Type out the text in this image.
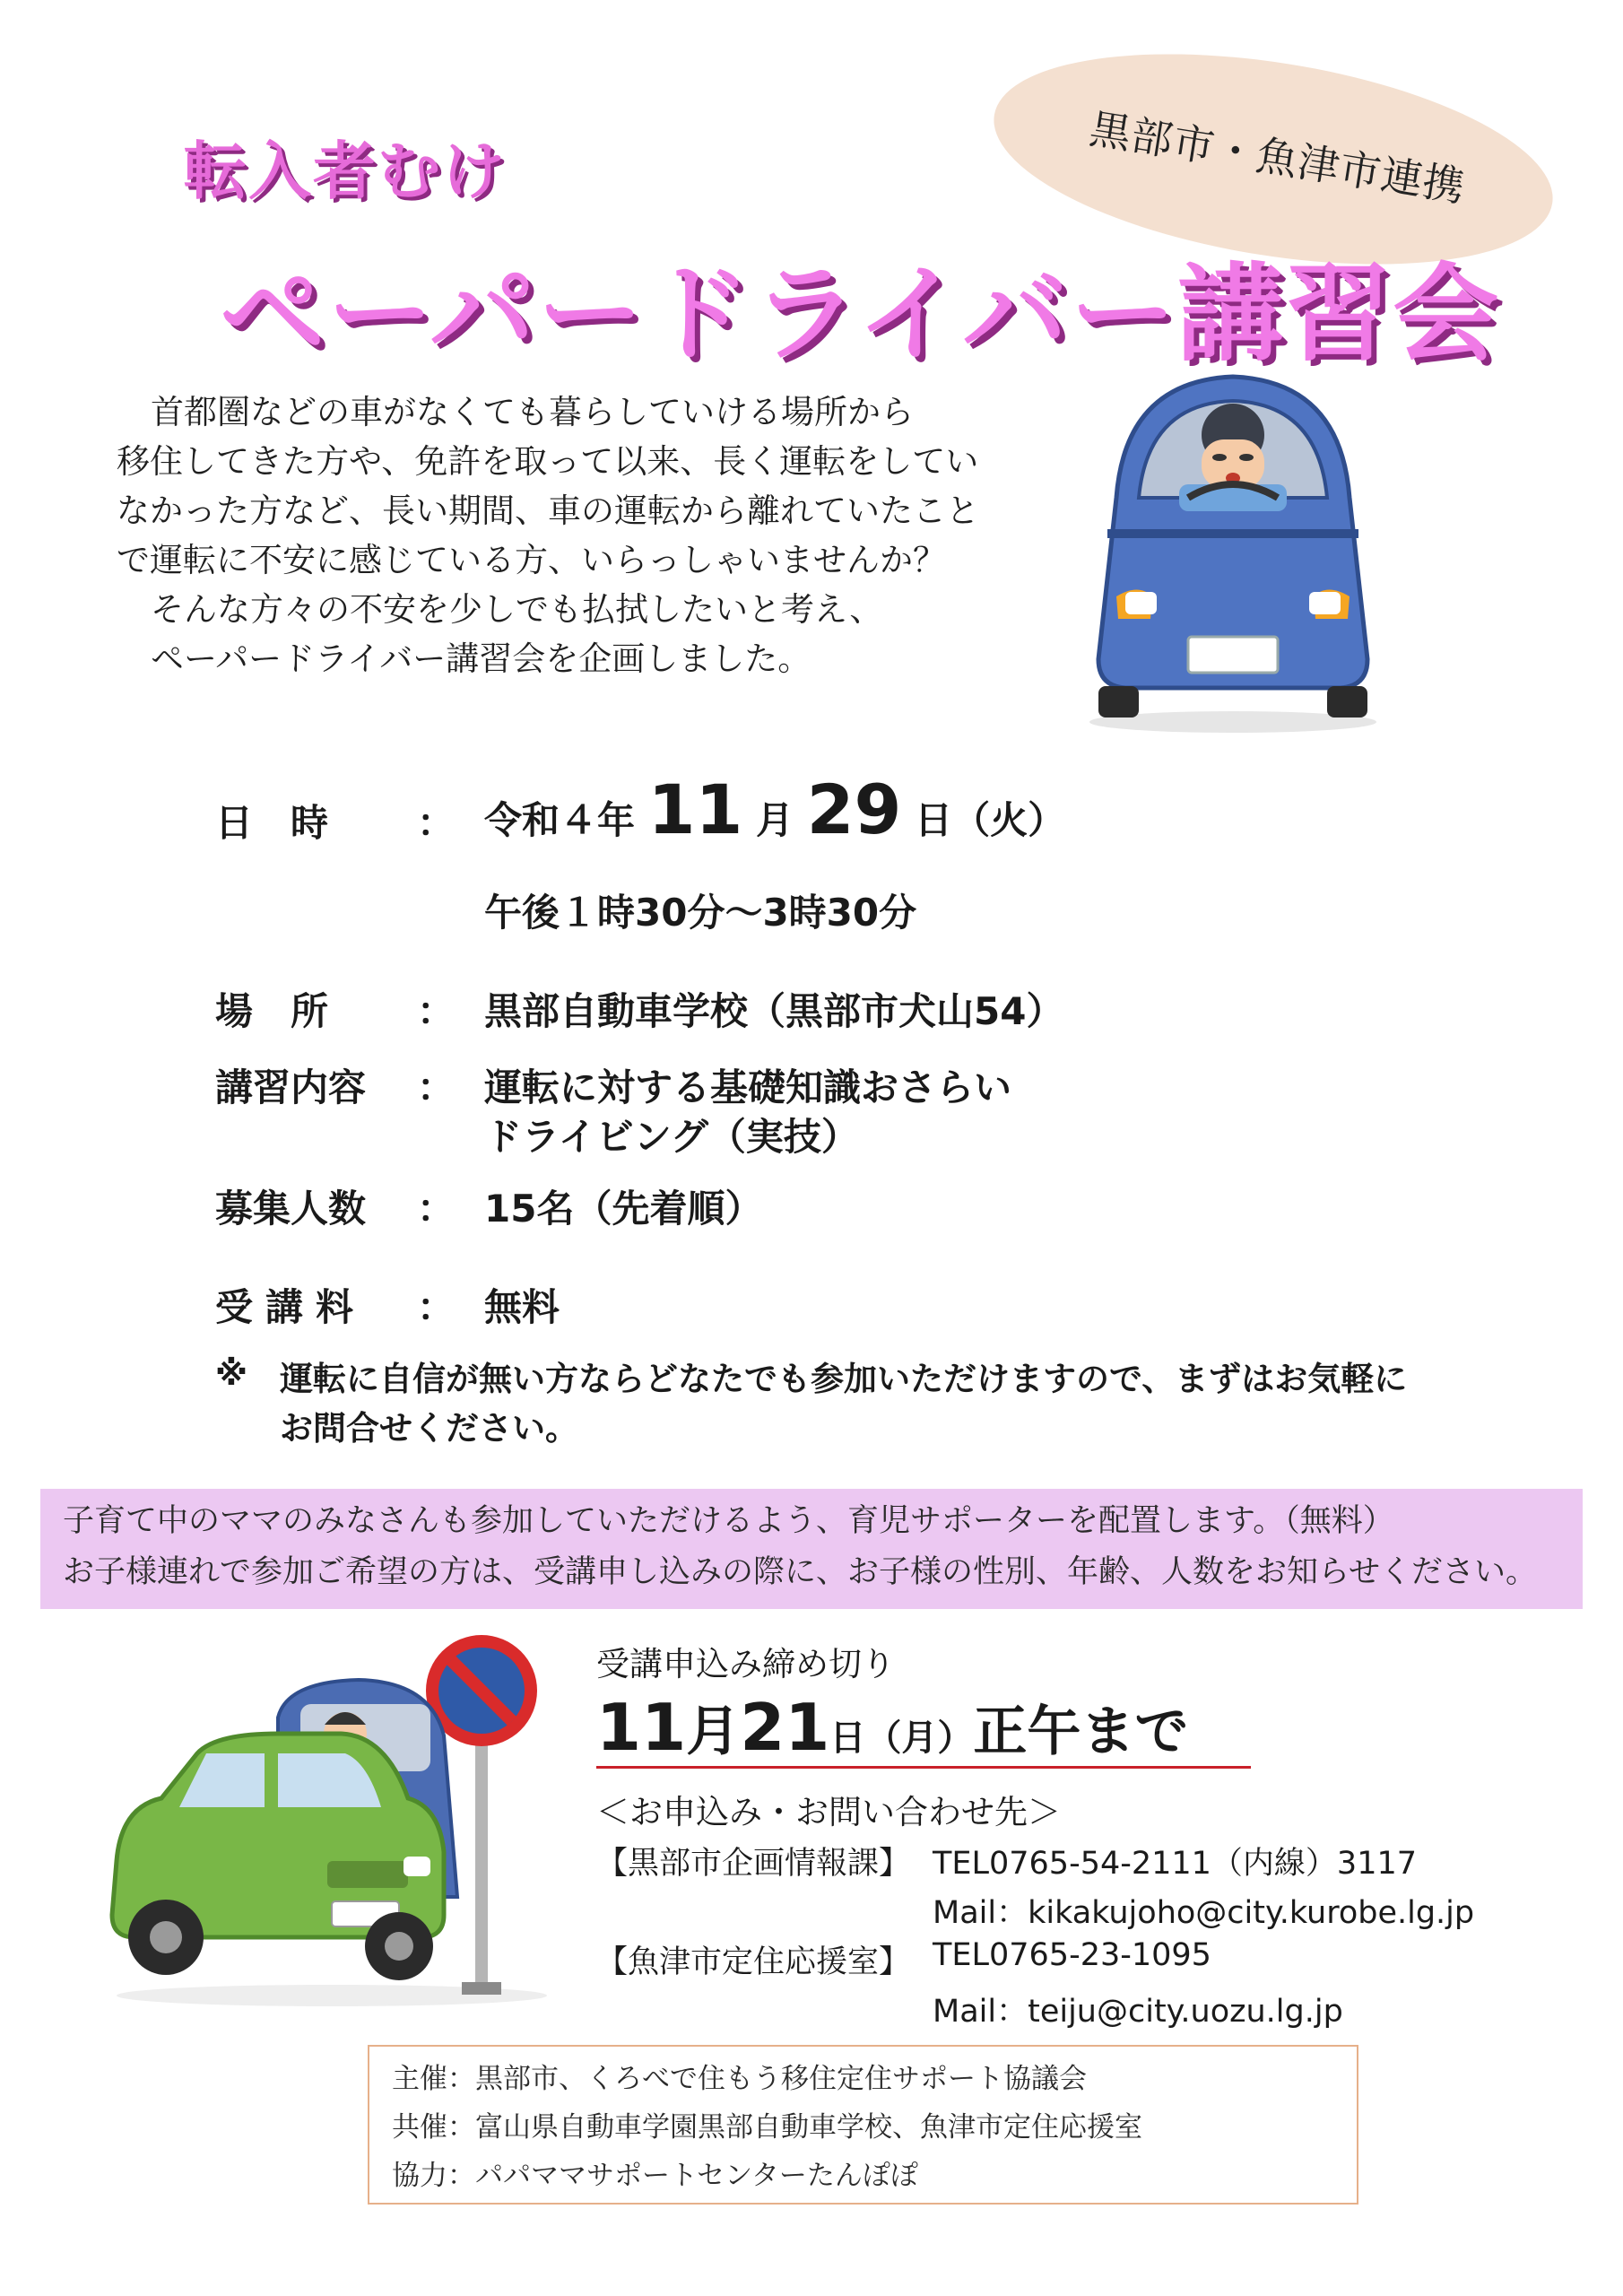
黒部市・魚津市連携
転入者むけ
ペーパードライバー講習会

首都圏などの車がなくても暮らしていける場所から

移住してきた方や、免許を取って以来、長く運転をしてい

なかった方など、長い期間、車の運転から離れていたこと

で運転に不安に感じている方、いらっしゃいませんか？

そんな方々の不安を少しでも払拭したいと考え、

ペーパードライバー講習会を企画しました。

日　時 ： 令和４年 11 月 29 日（火）
午後１時30分～3時30分
場　所 ： 黒部自動車学校（黒部市犬山54）
講習内容 ： 運転に対する基礎知識おさらい
ドライビング（実技）
募集人数 ： 15名（先着順）
受講料 ： 無料
※ 運転に自信が無い方ならどなたでも参加いただけますので、まずはお気軽に

お問合せください。

子育て中のママのみなさんも参加していただけるよう、育児サポーターを配置します。（無料）

お子様連れで参加ご希望の方は、受講申し込みの際に、お子様の性別、年齢、人数をお知らせください。

受講申込み締め切り
11月21日（月）正午まで
＜お申込み・お問い合わせ先＞
【黒部市企画情報課】 TEL0765-54-2111（内線）3117
Mail：kikakujoho@city.kurobe.lg.jp
【魚津市定住応援室】 TEL0765-23-1095
Mail：teiju@city.uozu.lg.jp

主催：黒部市、くろべで住もう移住定住サポート協議会

共催：富山県自動車学園黒部自動車学校、魚津市定住応援室

協力：パパママサポートセンターたんぽぽ
